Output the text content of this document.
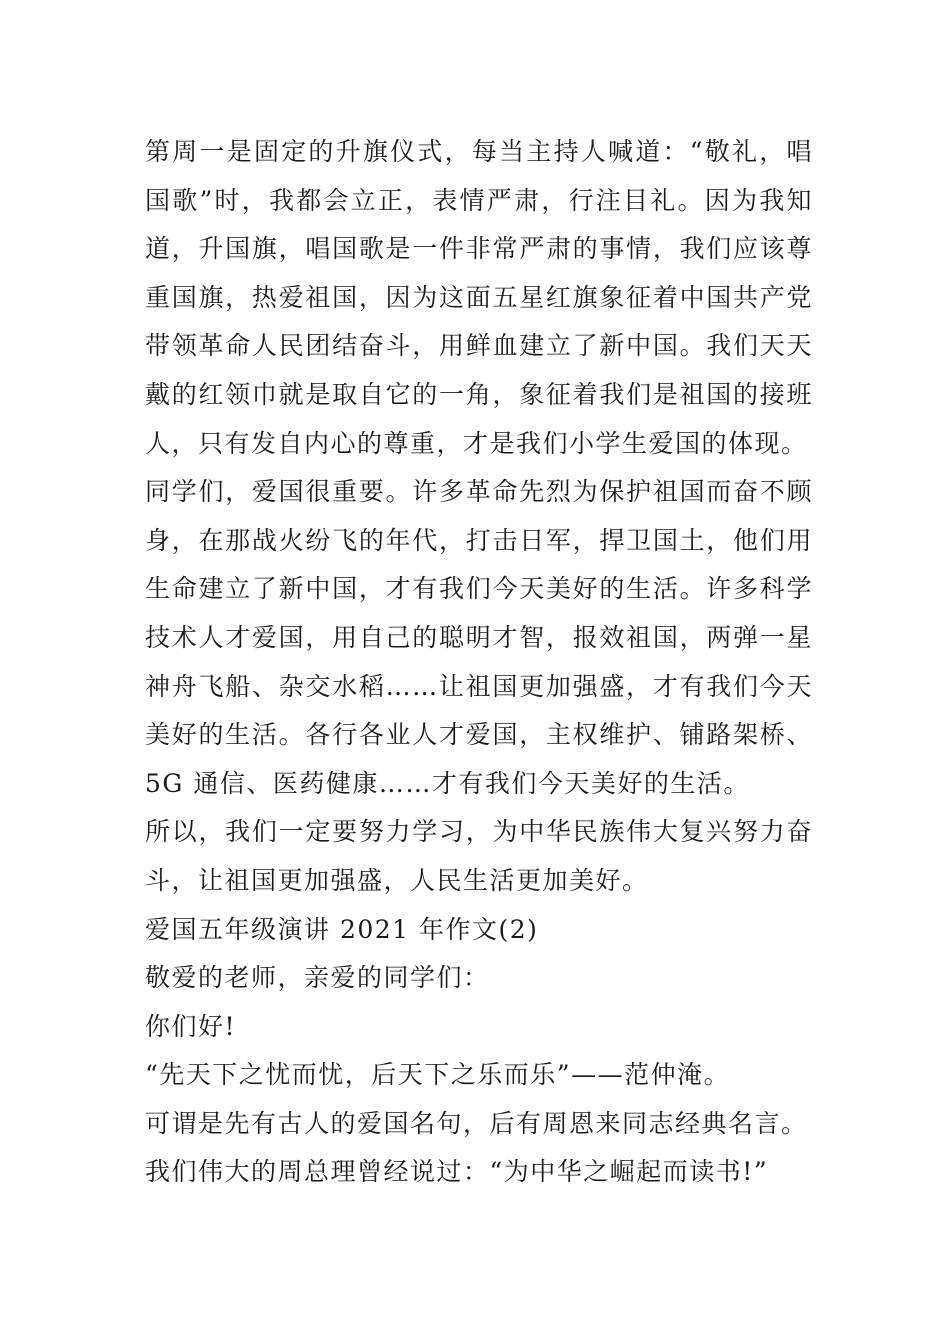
第周一是固定的升旗仪式，每当主持人喊道：“敬礼，唱国歌”时，我都会立正，表情严肃，行注目礼。因为我知道，升国旗，唱国歌是一件非常严肃的事情，我们应该尊重国旗，热爱祖国，因为这面五星红旗象征着中国共产党带领革命人民团结奋斗，用鲜血建立了新中国。我们天天戴的红领巾就是取自它的一角，象征着我们是祖国的接班人，只有发自内心的尊重，才是我们小学生爱国的体现。

同学们，爱国很重要。许多革命先烈为保护祖国而奋不顾身，在那战火纷飞的年代，打击日军，捍卫国土，他们用生命建立了新中国，才有我们今天美好的生活。许多科学技术人才爱国，用自己的聪明才智，报效祖国，两弹一星神舟飞船、杂交水稻……让祖国更加强盛，才有我们今天美好的生活。各行各业人才爱国，主权维护、铺路架桥、5G 通信、医药健康……才有我们今天美好的生活。

所以，我们一定要努力学习，为中华民族伟大复兴努力奋斗，让祖国更加强盛，人民生活更加美好。

爱国五年级演讲 2021 年作文(2)

敬爱的老师，亲爱的同学们：

你们好!

“先天下之忧而忧，后天下之乐而乐”——范仲淹。

可谓是先有古人的爱国名句，后有周恩来同志经典名言。

我们伟大的周总理曾经说过：“为中华之崛起而读书!”
